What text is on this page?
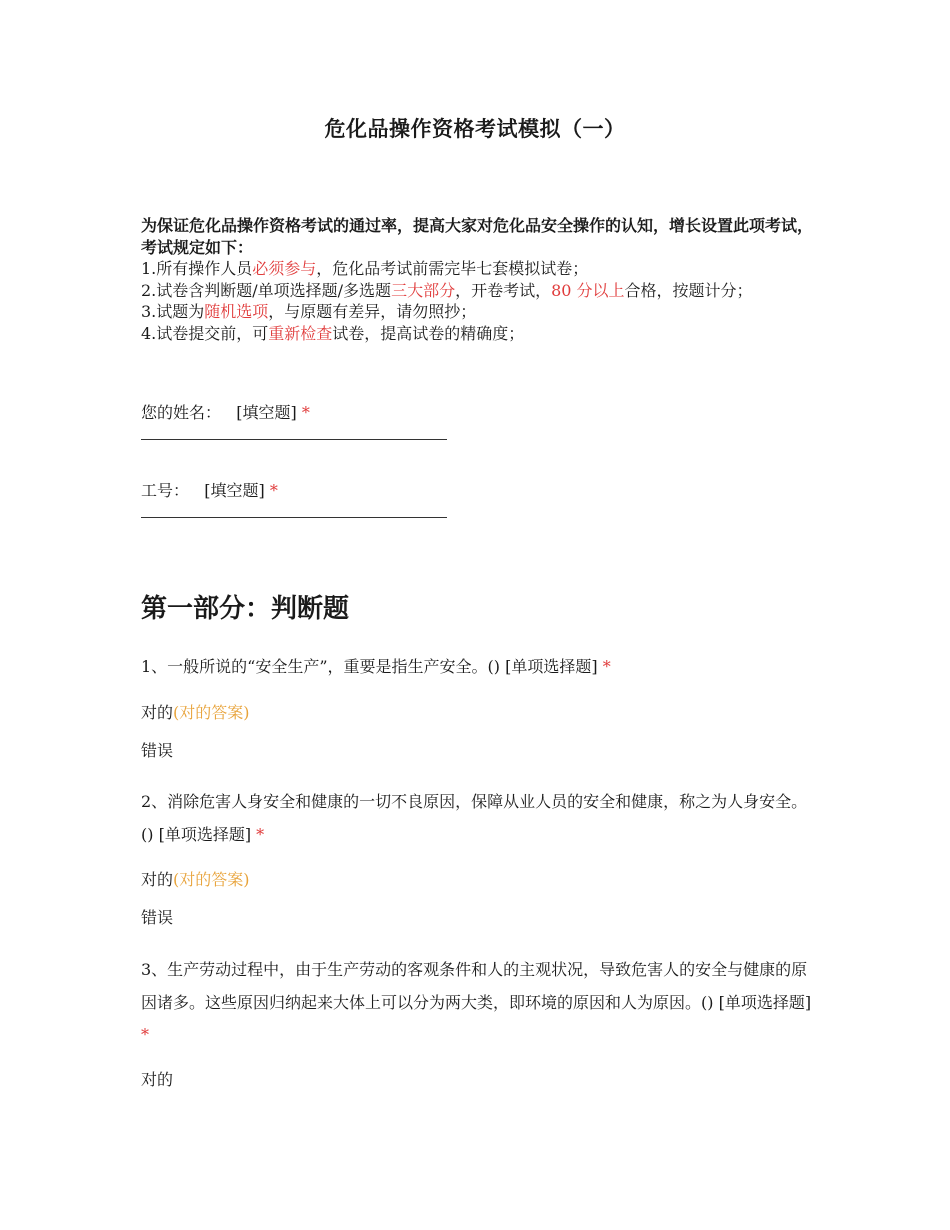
危化品操作资格考试模拟（一）
为保证危化品操作资格考试的通过率，提高大家对危化品安全操作的认知，增长设置此项考试，考试规定如下：
1.所有操作人员必须参与，危化品考试前需完毕七套模拟试卷；
2.试卷含判断题/单项选择题/多选题三大部分，开卷考试，80 分以上合格，按题计分；
3.试题为随机选项，与原题有差异，请勿照抄；
4.试卷提交前，可重新检查试卷，提高试卷的精确度；
您的姓名： [填空题] *
工号： [填空题] *
第一部分：判断题
1、一般所说的“安全生产”，重要是指生产安全。() [单项选择题] *
对的(对的答案)
错误
2、消除危害人身安全和健康的一切不良原因，保障从业人员的安全和健康，称之为人身安全。() [单项选择题] *
对的(对的答案)
错误
3、生产劳动过程中，由于生产劳动的客观条件和人的主观状况，导致危害人的安全与健康的原因诸多。这些原因归纳起来大体上可以分为两大类，即环境的原因和人为原因。() [单项选择题] *
对的
